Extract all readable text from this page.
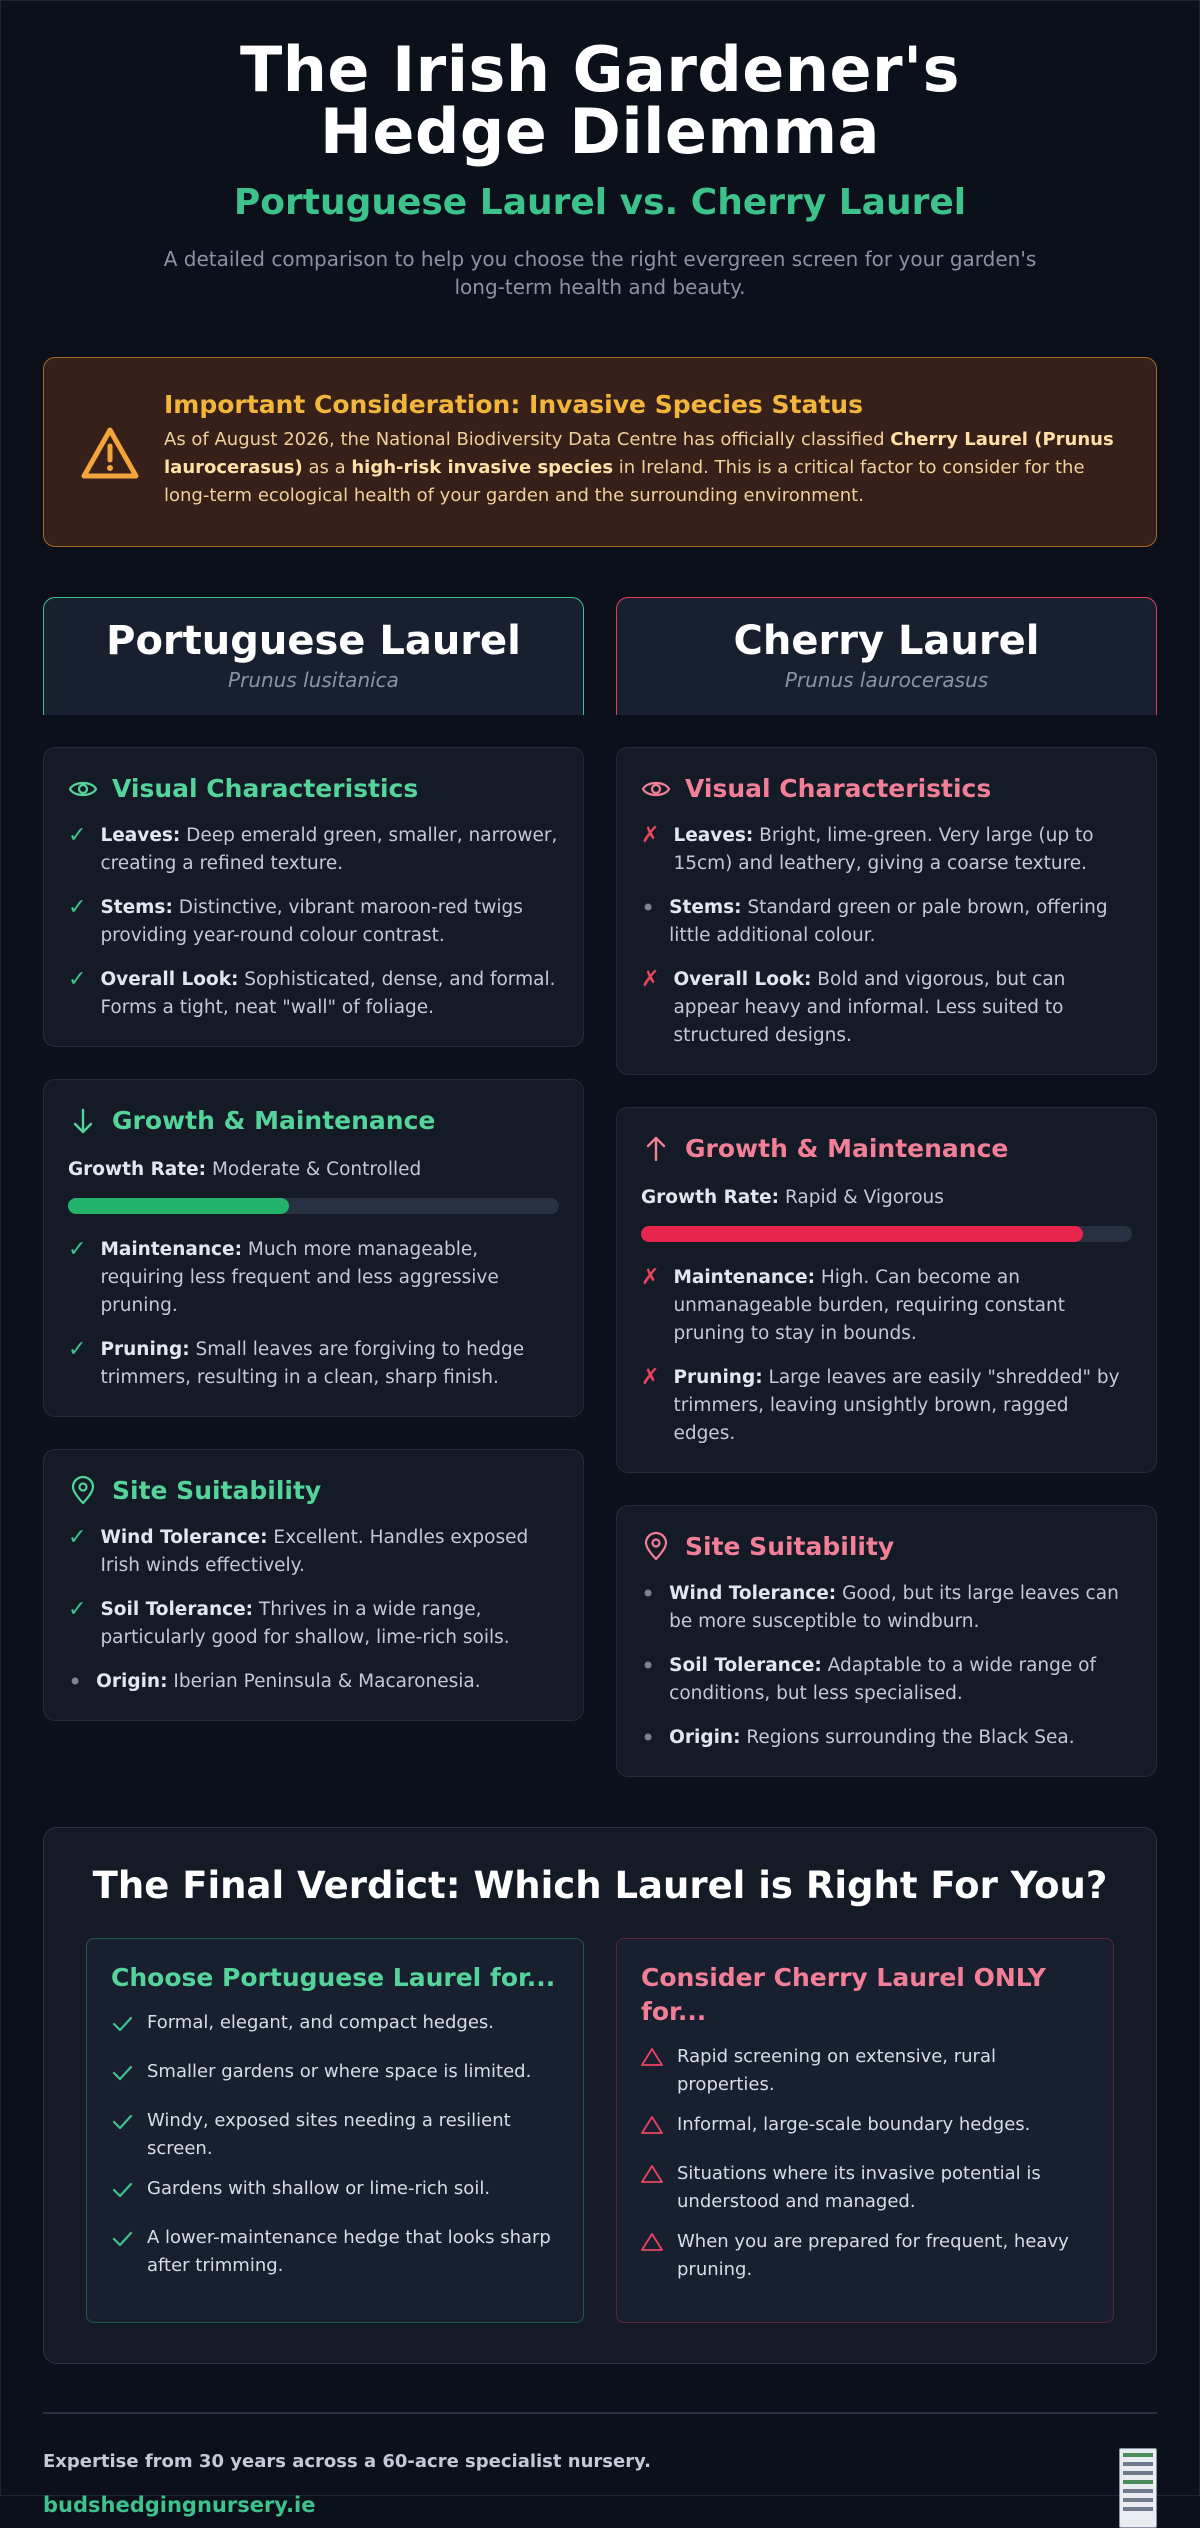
The Irish Gardener's Hedge Dilemma
Portuguese Laurel vs. Cherry Laurel

A detailed comparison to help you choose the right evergreen screen for your garden's long-term health and beauty.

Important Consideration: Invasive Species Status

As of August 2026, the National Biodiversity Data Centre has officially classified Cherry Laurel (Prunus laurocerasus) as a high-risk invasive species in Ireland. This is a critical factor to consider for the long-term ecological health of your garden and the surrounding environment.

Portuguese Laurel
Prunus lusitanica
Visual Characteristics
✓ Leaves: Deep emerald green, smaller, narrower, creating a refined texture.
✓ Stems: Distinctive, vibrant maroon-red twigs providing year-round colour contrast.
✓ Overall Look: Sophisticated, dense, and formal. Forms a tight, neat "wall" of foliage.
Growth & Maintenance
Growth Rate: Moderate & Controlled
✓ Maintenance: Much more manageable, requiring less frequent and less aggressive pruning.
✓ Pruning: Small leaves are forgiving to hedge trimmers, resulting in a clean, sharp finish.
Site Suitability
✓ Wind Tolerance: Excellent. Handles exposed Irish winds effectively.
✓ Soil Tolerance: Thrives in a wide range, particularly good for shallow, lime-rich soils.
• Origin: Iberian Peninsula & Macaronesia.
Cherry Laurel
Prunus laurocerasus
Visual Characteristics
✗ Leaves: Bright, lime-green. Very large (up to 15cm) and leathery, giving a coarse texture.
• Stems: Standard green or pale brown, offering little additional colour.
✗ Overall Look: Bold and vigorous, but can appear heavy and informal. Less suited to structured designs.
Growth & Maintenance
Growth Rate: Rapid & Vigorous
✗ Maintenance: High. Can become an unmanageable burden, requiring constant pruning to stay in bounds.
✗ Pruning: Large leaves are easily "shredded" by trimmers, leaving unsightly brown, ragged edges.
Site Suitability
• Wind Tolerance: Good, but its large leaves can be more susceptible to windburn.
• Soil Tolerance: Adaptable to a wide range of conditions, but less specialised.
• Origin: Regions surrounding the Black Sea.
The Final Verdict: Which Laurel is Right For You?
Choose Portuguese Laurel for...
Formal, elegant, and compact hedges.
Smaller gardens or where space is limited.
Windy, exposed sites needing a resilient screen.
Gardens with shallow or lime-rich soil.
A lower-maintenance hedge that looks sharp after trimming.
Consider Cherry Laurel ONLY for...
Rapid screening on extensive, rural properties.
Informal, large-scale boundary hedges.
Situations where its invasive potential is understood and managed.
When you are prepared for frequent, heavy pruning.
Expertise from 30 years across a 60-acre specialist nursery.
budshedgingnursery.ie
